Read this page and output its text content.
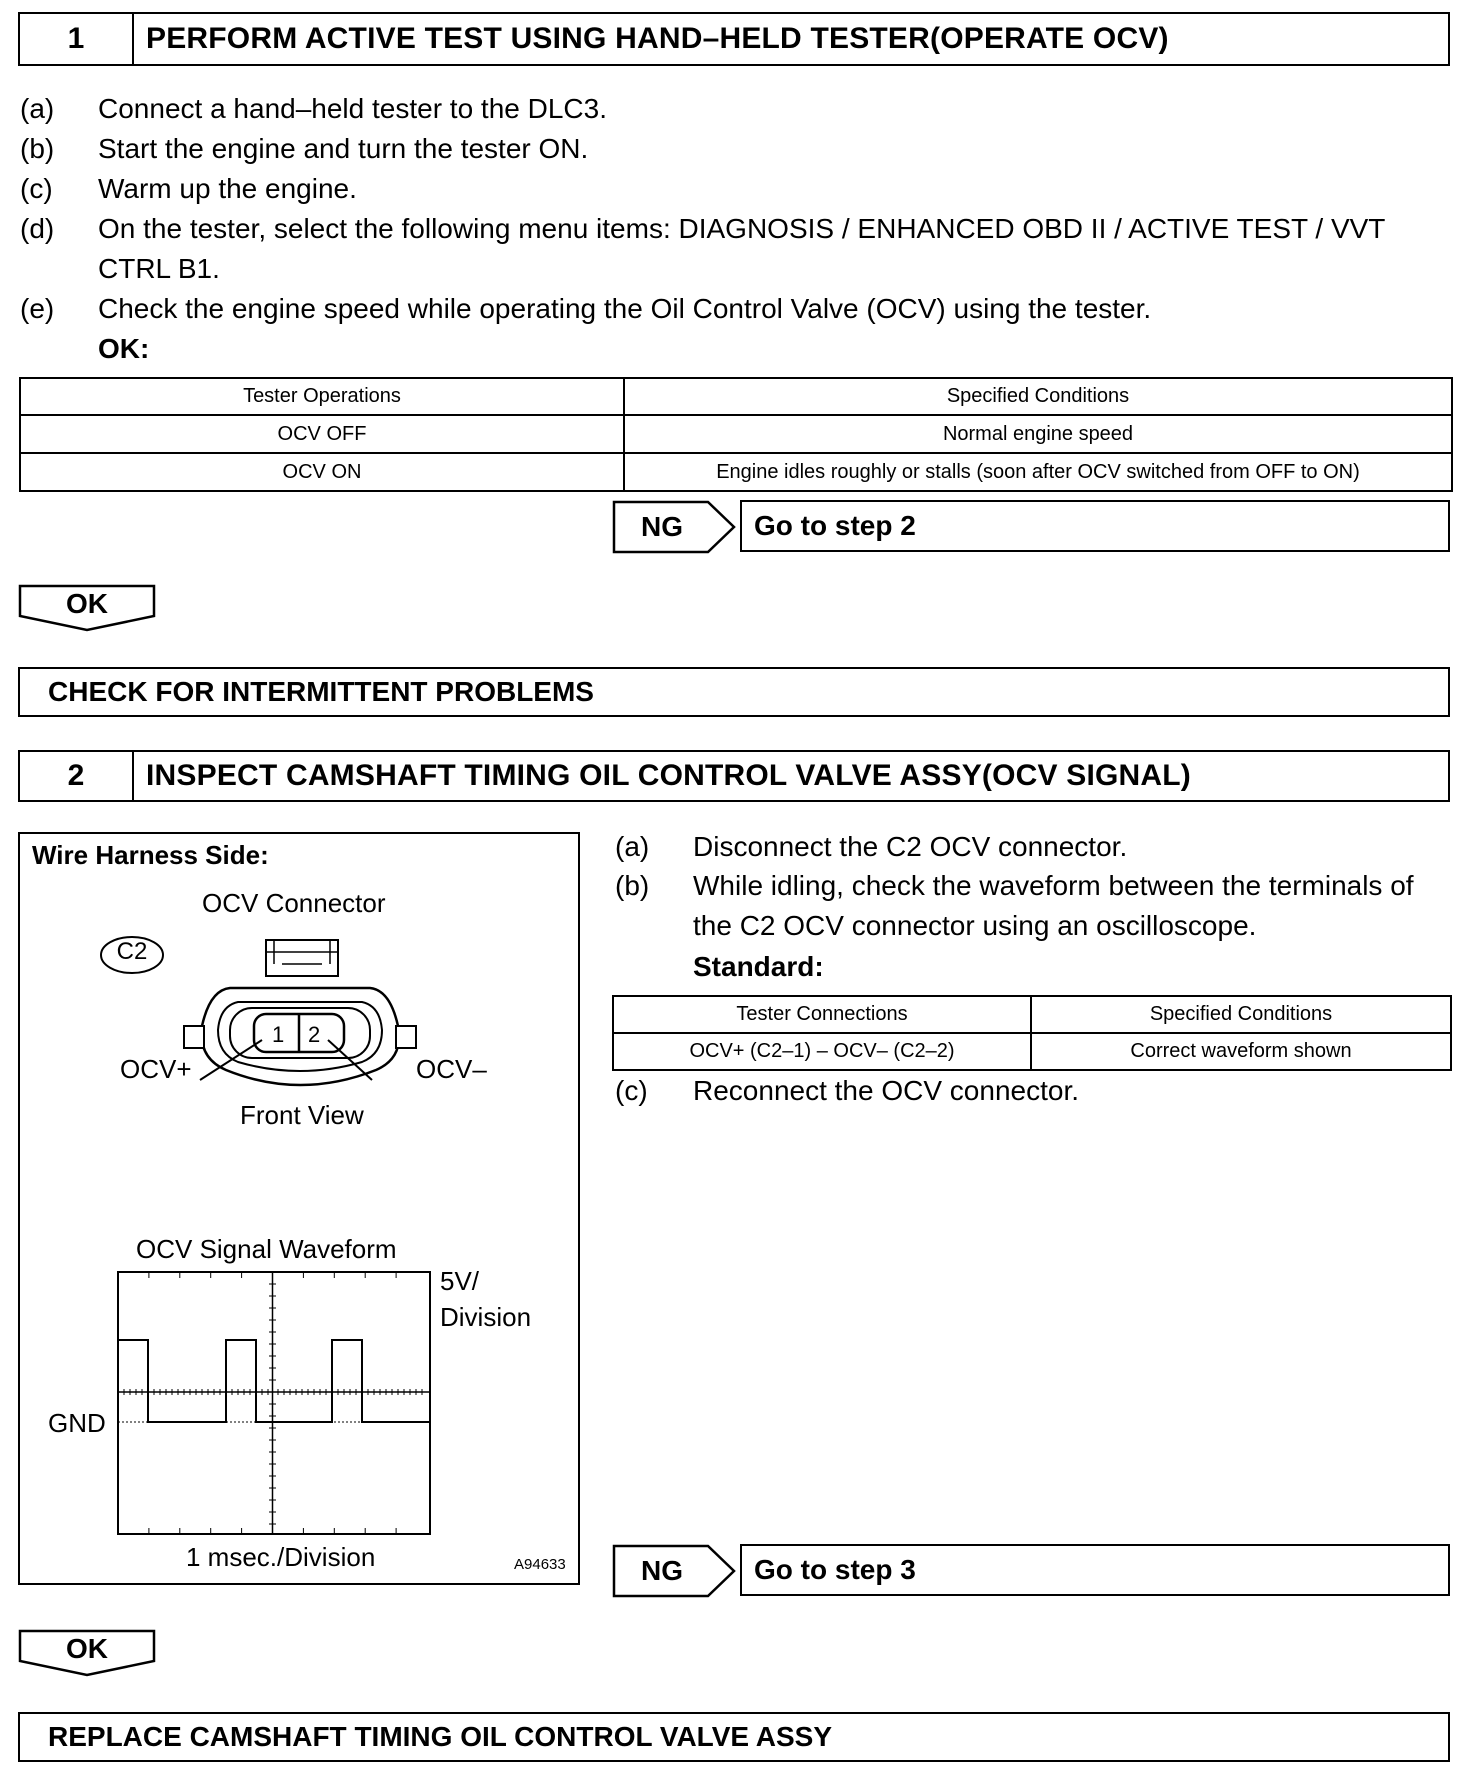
1	PERFORM ACTIVE TEST USING HAND–HELD TESTER(OPERATE OCV)
(a) Connect a hand–held tester to the DLC3.
(b) Start the engine and turn the tester ON.
(c) Warm up the engine.
(d) On the tester, select the following menu items: DIAGNOSIS / ENHANCED OBD II / ACTIVE TEST / VVT CTRL B1.
(e) Check the engine speed while operating the Oil Control Valve (OCV) using the tester.
OK:
Tester Operations	Specified Conditions
OCV OFF	Normal engine speed
OCV ON	Engine idles roughly or stalls (soon after OCV switched from OFF to ON)
NG	Go to step 2
OK
CHECK FOR INTERMITTENT PROBLEMS
2	INSPECT CAMSHAFT TIMING OIL CONTROL VALVE ASSY(OCV SIGNAL)
Wire Harness Side:
OCV Connector
C2
1 2
OCV+	OCV–
Front View
OCV Signal Waveform
5V/
Division
GND
1 msec./Division	A94633
(a) Disconnect the C2 OCV connector.
(b) While idling, check the waveform between the terminals of the C2 OCV connector using an oscilloscope.
Standard:
Tester Connections	Specified Conditions
OCV+ (C2–1) – OCV– (C2–2)	Correct waveform shown
(c) Reconnect the OCV connector.
NG	Go to step 3
OK
REPLACE CAMSHAFT TIMING OIL CONTROL VALVE ASSY
